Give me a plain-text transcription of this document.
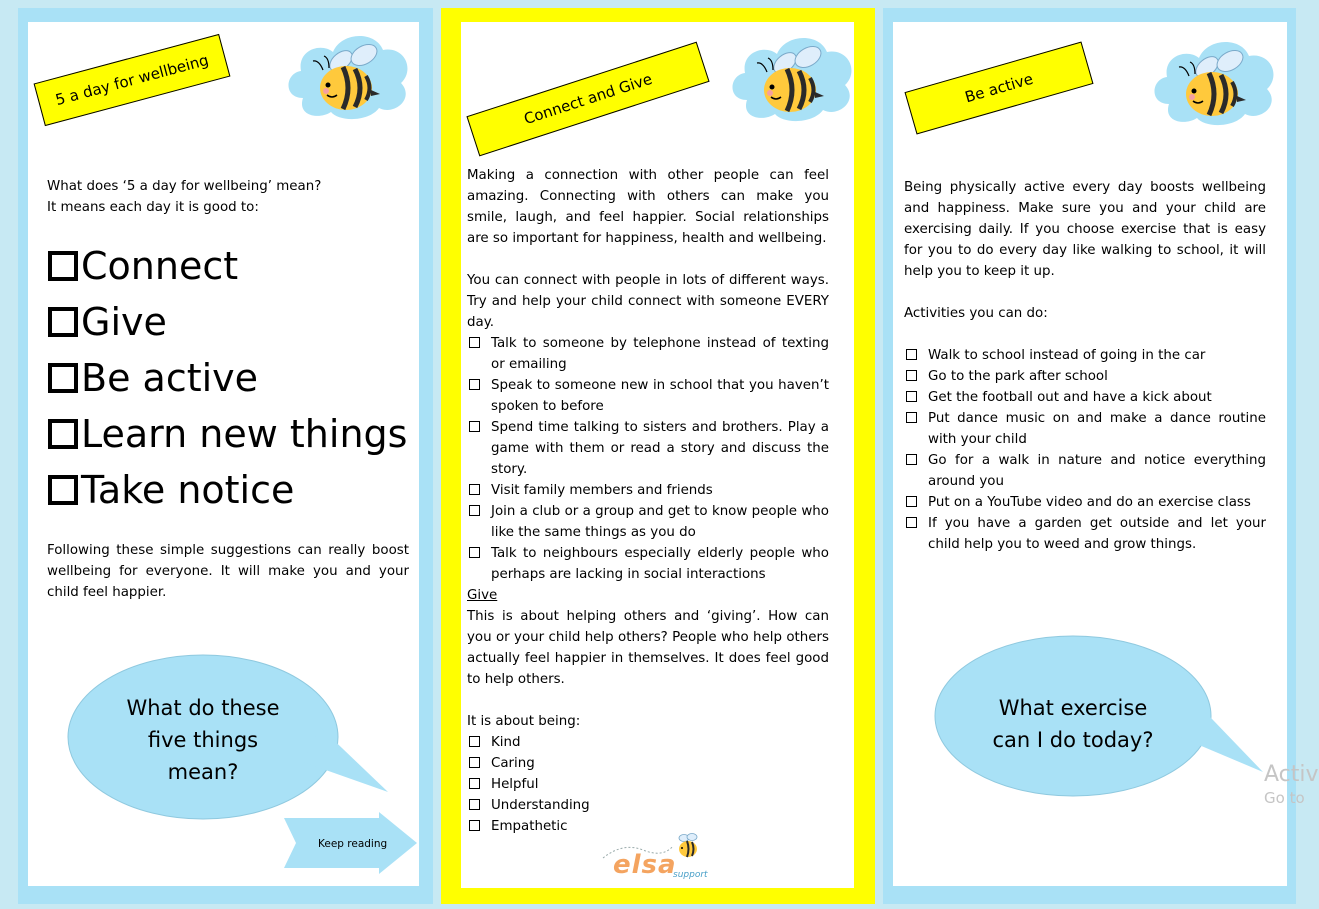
5 a day for wellbeing
What does ‘5 a day for wellbeing’ mean?
It means each day it is good to:
Connect
Give
Be active
Learn new things
Take notice
Following these simple suggestions can really boost wellbeing for everyone. It will make you and your child feel happier.
What do these
five things
mean?
Keep reading
Connect and Give
Making a connection with other people can feel amazing. Connecting with others can make you smile, laugh, and feel happier. Social relationships are so important for happiness, health and wellbeing.
You can connect with people in lots of different ways. Try and help your child connect with someone EVERY day.
Talk to someone by telephone instead of texting or emailing
Speak to someone new in school that you haven’t spoken to before
Spend time talking to sisters and brothers. Play a game with them or read a story and discuss the story.
Visit family members and friends
Join a club or a group and get to know people who like the same things as you do
Talk to neighbours especially elderly people who perhaps are lacking in social interactions
Give
This is about helping others and ‘giving’. How can you or your child help others? People who help others actually feel happier in themselves. It does feel good to help others.
It is about being:
Kind
Caring
Helpful
Understanding
Empathetic
elsa
support
Be active
Being physically active every day boosts wellbeing and happiness. Make sure you and your child are exercising daily. If you choose exercise that is easy for you to do every day like walking to school, it will help you to keep it up.
Activities you can do:
Walk to school instead of going in the car
Go to the park after school
Get the football out and have a kick about
Put dance music on and make a dance routine with your child
Go for a walk in nature and notice everything around you
Put on a YouTube video and do an exercise class
If you have a garden get outside and let your child help you to weed and grow things.
What exercise
can I do today?
Activ
Go to
